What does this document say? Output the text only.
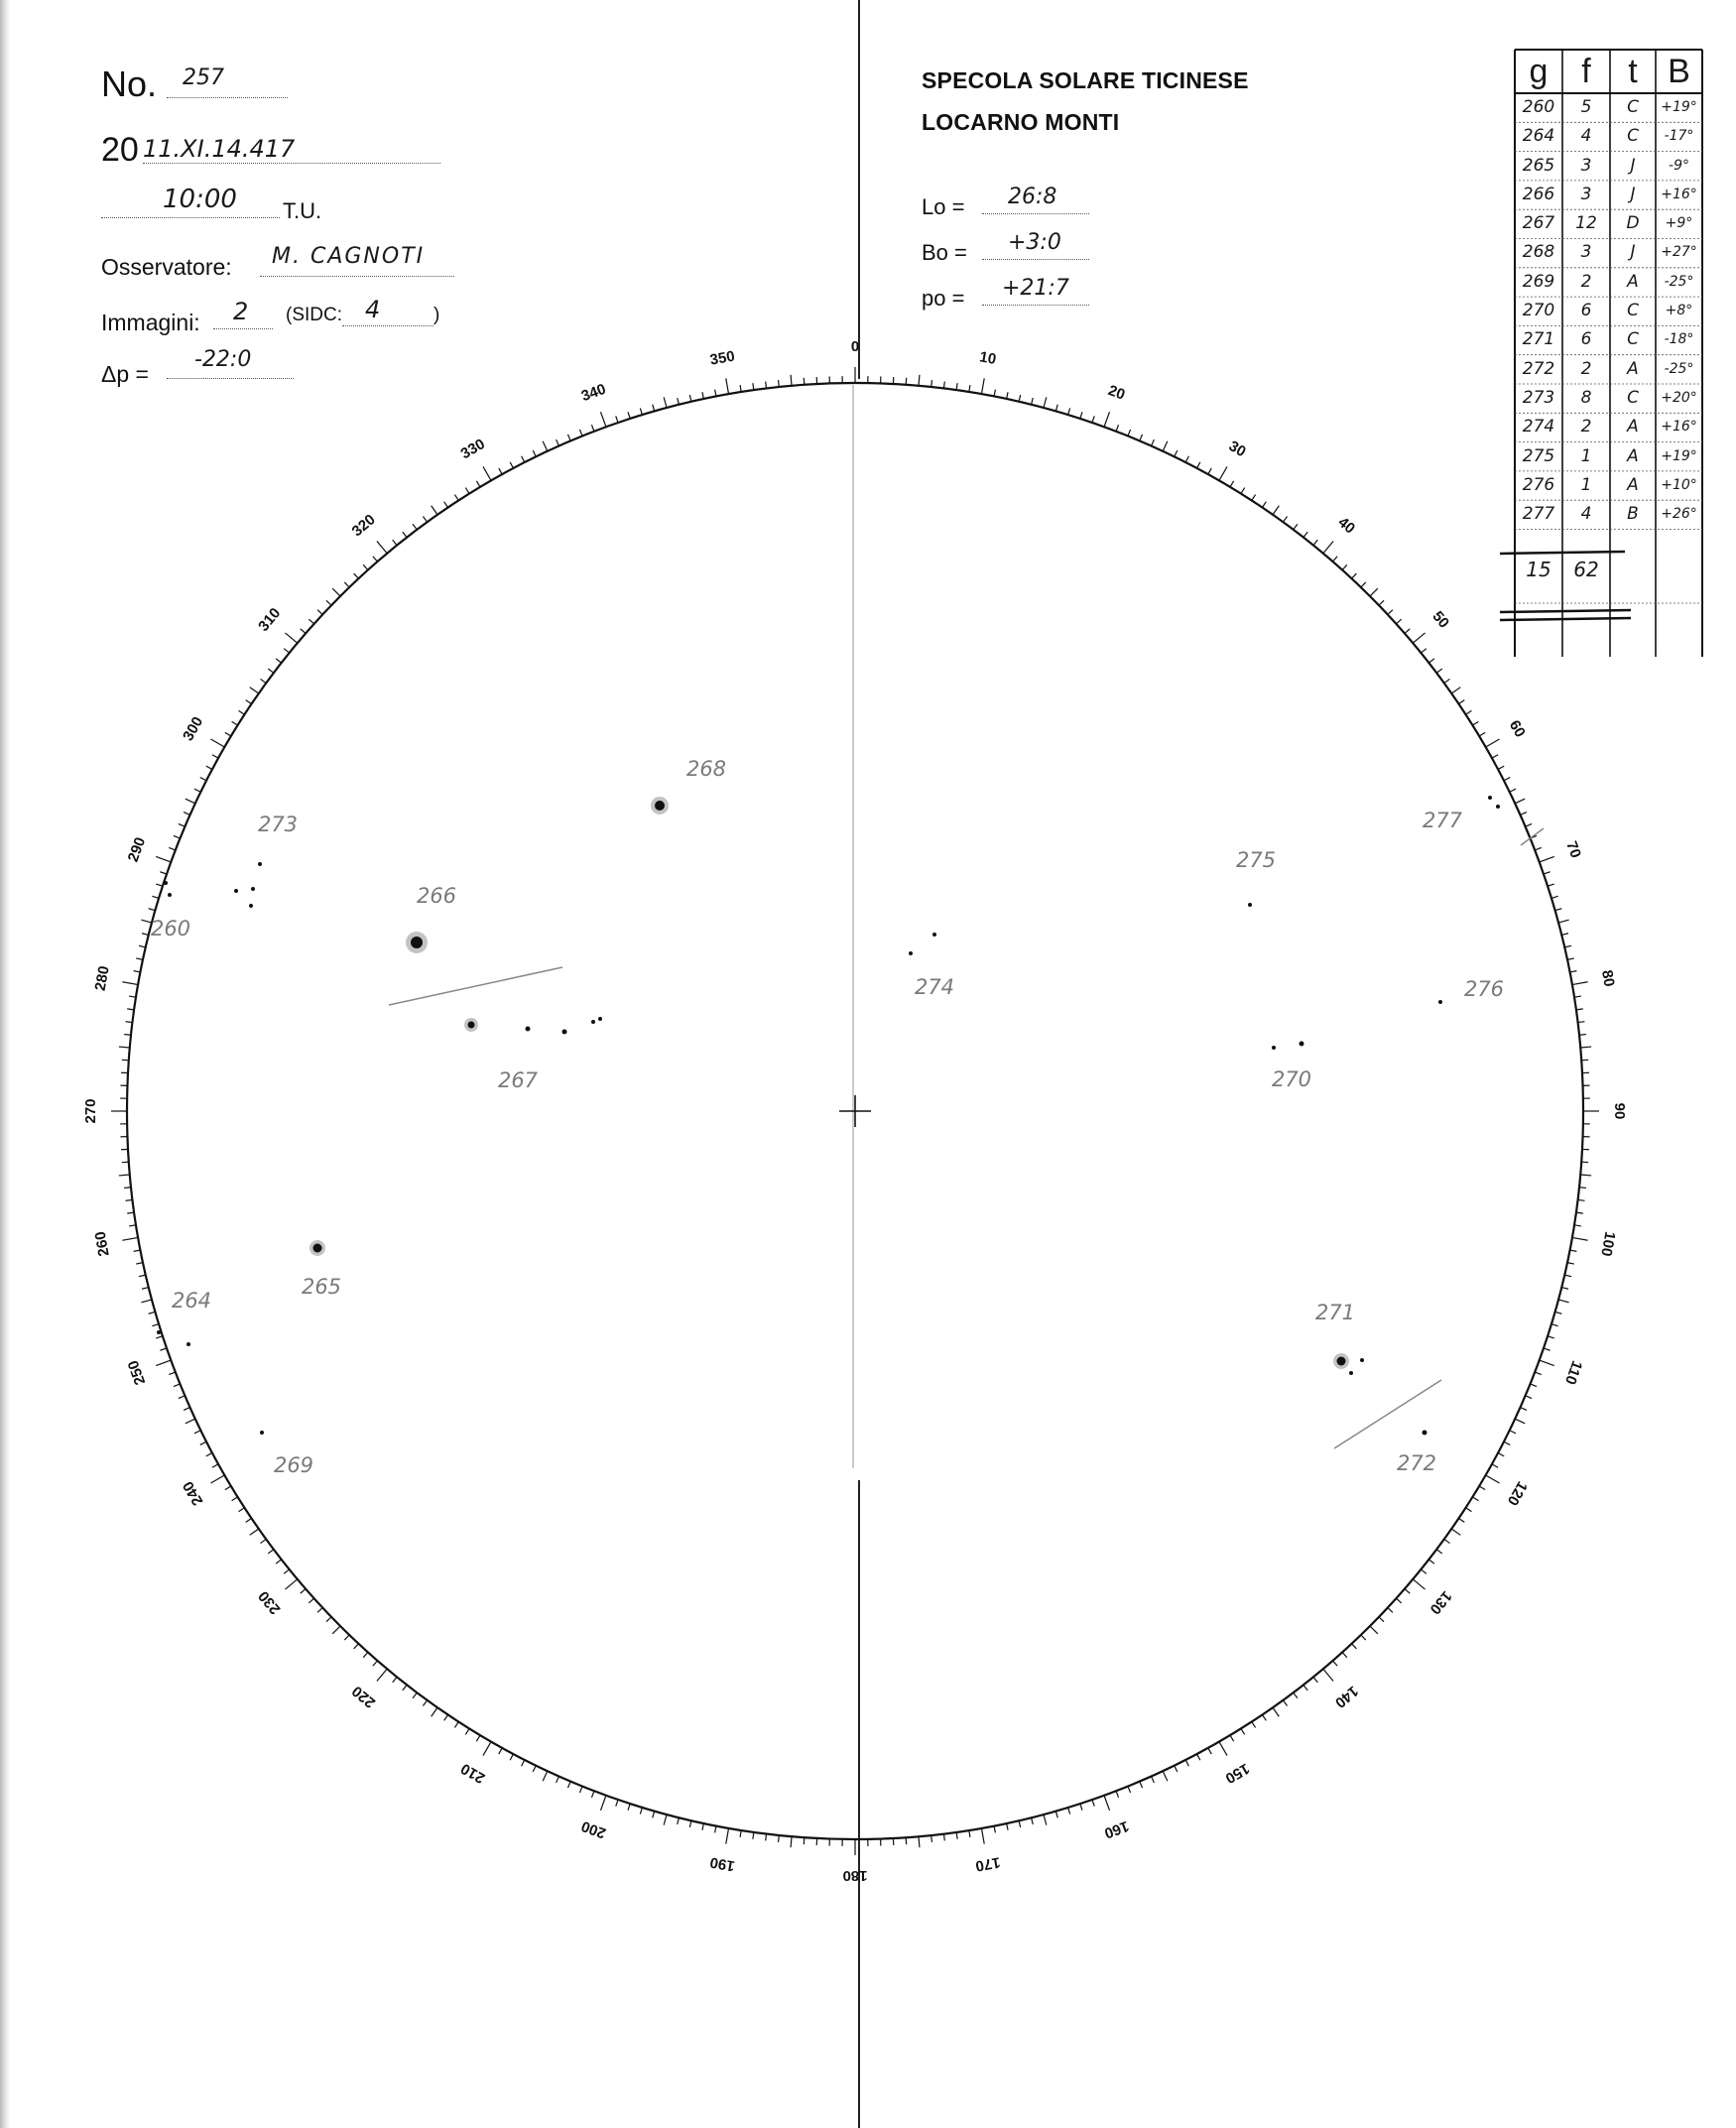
No.	257
20 11.XI.14.417
10:00	T.U.
Osservatore:	M. CAGNOTI
Immagini:	2	(SIDC: 4	)
Δp =
-22:0
SPECOLA SOLARE TICINESE
LOCARNO MONTI
Lo =	26:8
Bo =	+3:0
po =	+21:7
g f	t B
260	5	C	+19°
264	4	C	-17°
265	3	J	-9°
266	3	J	+16°
267	12	D	+9°
268	3	J	+27°
269	2	A	-25°
270	6	C	+8°
271	6	C	-18°
272	2	A	-25°
273	8	C	+20°
274	2	A	+16°
275	1	A	+19°
276	1	A	+10°
277	4	B	+26°
15	62
0
10
20
30
40
50
60
70
80
90
100
110
120
130
140
150
160
170
180
190
200
210
220
230
240
250
260
270
280
290
300
310
320
330
340
350
260
264
265
266
267
268
269
270
271
272
273
274
275
276
277
